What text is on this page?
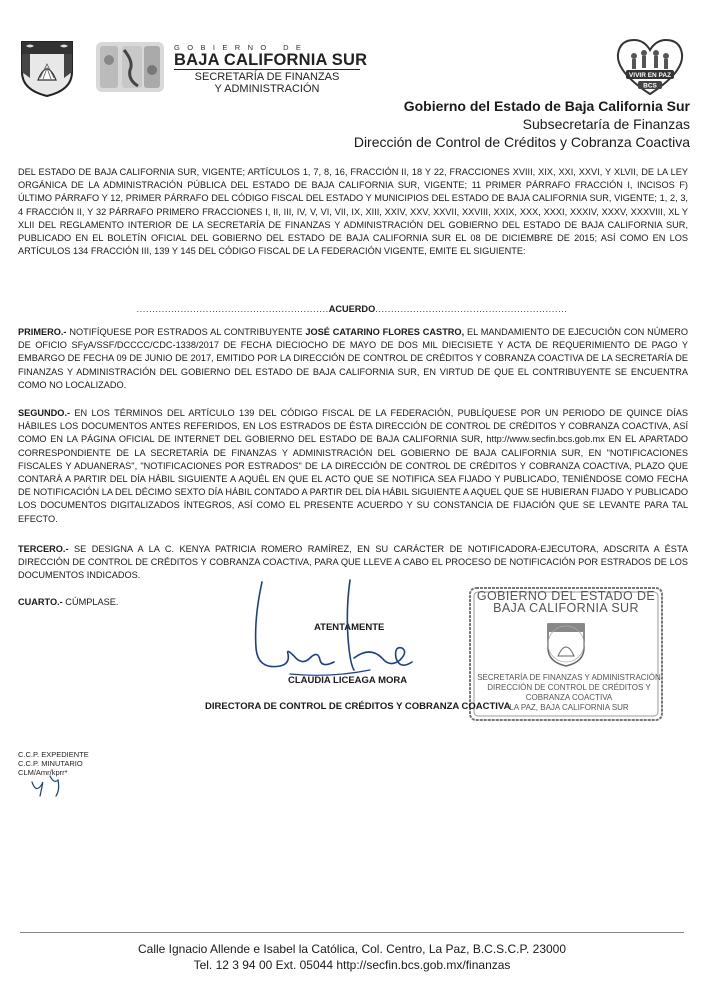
GOBIERNO DE
BAJA CALIFORNIA SUR
SECRETARÍA DE FINANZAS
Y ADMINISTRACIÓN
VIVIR EN PAZ
BCS
Gobierno del Estado de Baja California Sur
Subsecretaría de Finanzas
Dirección de Control de Créditos y Cobranza Coactiva
DEL ESTADO DE BAJA CALIFORNIA SUR, VIGENTE; ARTÍCULOS 1, 7, 8, 16, FRACCIÓN II, 18 Y 22, FRACCIONES XVIII, XIX, XXI, XXVI, Y XLVII, DE LA LEY ORGÁNICA DE LA ADMINISTRACIÓN PÚBLICA DEL ESTADO DE BAJA CALIFORNIA SUR, VIGENTE; 11 PRIMER PÁRRAFO FRACCIÓN I, INCISOS F) ÚLTIMO PÁRRAFO Y 12, PRIMER PÁRRAFO DEL CÓDIGO FISCAL DEL ESTADO Y MUNICIPIOS DEL ESTADO DE BAJA CALIFORNIA SUR, VIGENTE; 1, 2, 3, 4 FRACCIÓN II, Y 32 PÁRRAFO PRIMERO FRACCIONES I, II, III, IV, V, VI, VII, IX, XIII, XXIV, XXV, XXVII, XXVIII, XXIX, XXX, XXXI, XXXIV, XXXV, XXXVIII, XL Y XLII DEL REGLAMENTO INTERIOR DE LA SECRETARÍA DE FINANZAS Y ADMINISTRACIÓN DEL GOBIERNO DEL ESTADO DE BAJA CALIFORNIA SUR, PUBLICADO EN EL BOLETÍN OFICIAL DEL GOBIERNO DEL ESTADO DE BAJA CALIFORNIA SUR EL 08 DE DICIEMBRE DE 2015; ASÍ COMO EN LOS ARTÍCULOS 134 FRACCIÓN III, 139 Y 145 DEL CÓDIGO FISCAL DE LA FEDERACIÓN VIGENTE, EMITE EL SIGUIENTE:
.............................................................ACUERDO.............................................................
PRIMERO.- NOTIFÍQUESE POR ESTRADOS AL CONTRIBUYENTE JOSÉ CATARINO FLORES CASTRO, EL MANDAMIENTO DE EJECUCIÓN CON NÚMERO DE OFICIO SFyA/SSF/DCCCC/CDC-1338/2017 DE FECHA DIECIOCHO DE MAYO DE DOS MIL DIECISIETE Y ACTA DE REQUERIMIENTO DE PAGO Y EMBARGO DE FECHA 09 DE JUNIO DE 2017, EMITIDO POR LA DIRECCIÓN DE CONTROL DE CRÉDITOS Y COBRANZA COACTIVA DE LA SECRETARÍA DE FINANZAS Y ADMINISTRACIÓN DEL GOBIERNO DEL ESTADO DE BAJA CALIFORNIA SUR, EN VIRTUD DE QUE EL CONTRIBUYENTE SE ENCUENTRA COMO NO LOCALIZADO.
SEGUNDO.- EN LOS TÉRMINOS DEL ARTÍCULO 139 DEL CÓDIGO FISCAL DE LA FEDERACIÓN, PUBLÍQUESE POR UN PERIODO DE QUINCE DÍAS HÁBILES LOS DOCUMENTOS ANTES REFERIDOS, EN LOS ESTRADOS DE ÉSTA DIRECCIÓN DE CONTROL DE CRÉDITOS Y COBRANZA COACTIVA, ASÍ COMO EN LA PÁGINA OFICIAL DE INTERNET DEL GOBIERNO DEL ESTADO DE BAJA CALIFORNIA SUR, http://www.secfin.bcs.gob.mx EN EL APARTADO CORRESPONDIENTE DE LA SECRETARÍA DE FINANZAS Y ADMINISTRACIÓN DEL GOBIERNO DE BAJA CALIFORNIA SUR, EN "NOTIFICACIONES FISCALES Y ADUANERAS", "NOTIFICACIONES POR ESTRADOS" DE LA DIRECCIÓN DE CONTROL DE CRÉDITOS Y COBRANZA COACTIVA, PLAZO QUE CONTARÁ A PARTIR DEL DÍA HÁBIL SIGUIENTE A AQUÉL EN QUE EL ACTO QUE SE NOTIFICA SEA FIJADO Y PUBLICADO, TENIÉNDOSE COMO FECHA DE NOTIFICACIÓN LA DEL DÉCIMO SEXTO DÍA HÁBIL CONTADO A PARTIR DEL DÍA HÁBIL SIGUIENTE A AQUEL QUE SE HUBIERAN FIJADO Y PUBLICADO LOS DOCUMENTOS DIGITALIZADOS ÍNTEGROS, ASÍ COMO EL PRESENTE ACUERDO Y SU CONSTANCIA DE FIJACIÓN QUE SE LEVANTE PARA TAL EFECTO.
TERCERO.- SE DESIGNA A LA C. KENYA PATRICIA ROMERO RAMÍREZ, EN SU CARÁCTER DE NOTIFICADORA-EJECUTORA, ADSCRITA A ÉSTA DIRECCIÓN DE CONTROL DE CRÉDITOS Y COBRANZA COACTIVA, PARA QUE LLEVE A CABO EL PROCESO DE NOTIFICACIÓN POR ESTRADOS DE LOS DOCUMENTOS INDICADOS.
CUARTO.- CÚMPLASE.	GOBIERNO DEL ESTADO DE
BAJA CALIFORNIA SUR
SECRETARÍA DE FINANZAS Y ADMINISTRACIÓN
DIRECCIÓN DE CONTROL DE CRÉDITOS Y
COBRANZA COACTIVA
LA PAZ, BAJA CALIFORNIA SUR
ATENTAMENTE
CLAUDIA LICEAGA MORA
DIRECTORA DE CONTROL DE CRÉDITOS Y COBRANZA COACTIVA
C.C.P. EXPEDIENTE
C.C.P. MINUTARIO
CLM/Amr/kprr*
Calle Ignacio Allende e Isabel la Católica, Col. Centro, La Paz, B.C.S.C.P. 23000
Tel. 12 3 94 00 Ext. 05044 http://secfin.bcs.gob.mx/finanzas
